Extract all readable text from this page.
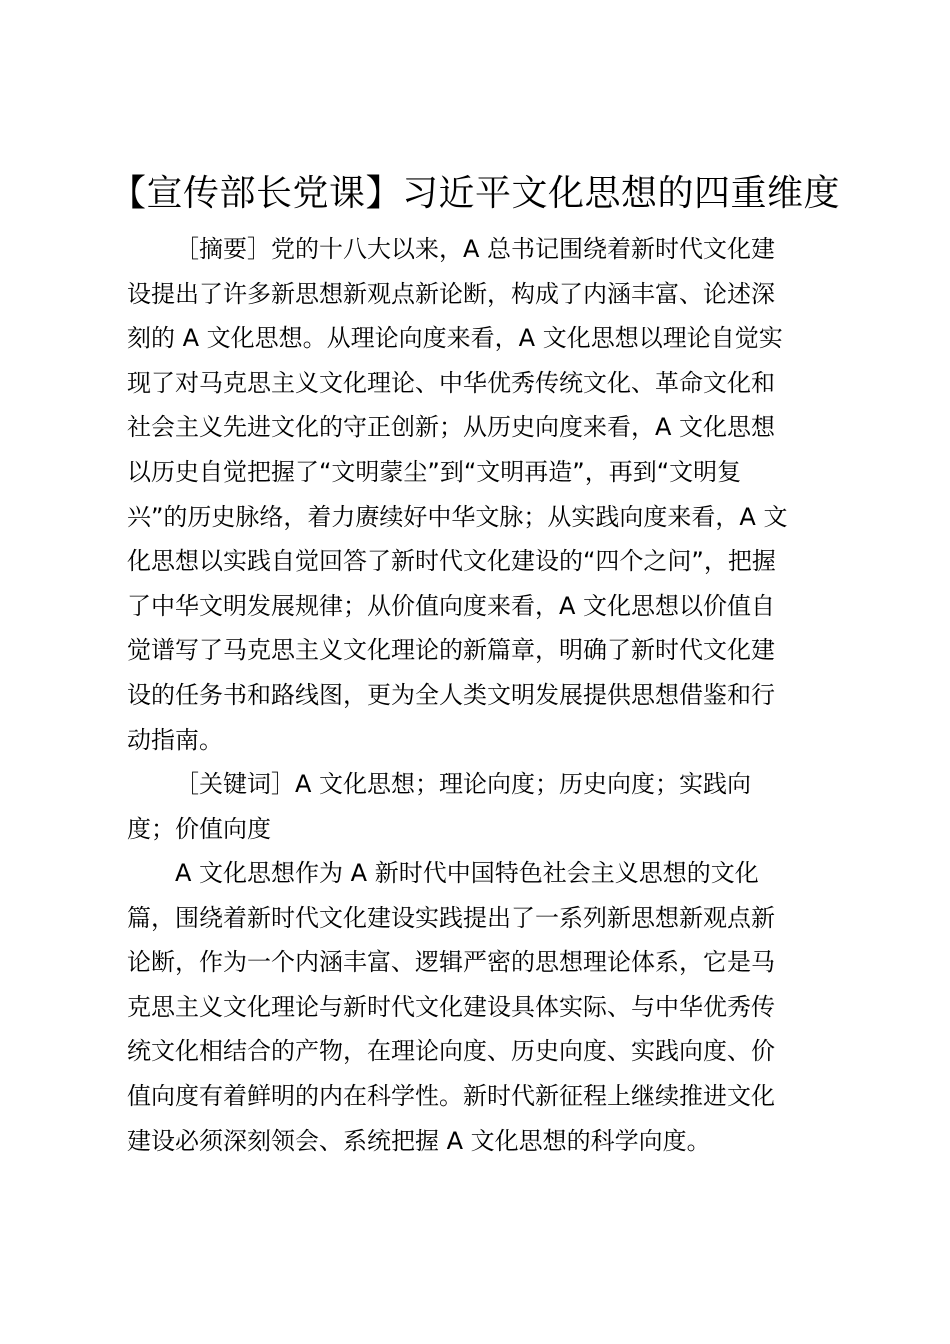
【宣传部长党课】习近平文化思想的四重维度
［摘要］党的十八大以来，A 总书记围绕着新时代文化建
设提出了许多新思想新观点新论断，构成了内涵丰富、论述深
刻的 A 文化思想。从理论向度来看，A 文化思想以理论自觉实
现了对马克思主义文化理论、中华优秀传统文化、革命文化和
社会主义先进文化的守正创新；从历史向度来看，A 文化思想
以历史自觉把握了“文明蒙尘”到“文明再造”，再到“文明复
兴”的历史脉络，着力赓续好中华文脉；从实践向度来看，A 文
化思想以实践自觉回答了新时代文化建设的“四个之问”，把握
了中华文明发展规律；从价值向度来看，A 文化思想以价值自
觉谱写了马克思主义文化理论的新篇章，明确了新时代文化建
设的任务书和路线图，更为全人类文明发展提供思想借鉴和行
动指南。
［关键词］A 文化思想；理论向度；历史向度；实践向
度；价值向度
A 文化思想作为 A 新时代中国特色社会主义思想的文化
篇，围绕着新时代文化建设实践提出了一系列新思想新观点新
论断，作为一个内涵丰富、逻辑严密的思想理论体系，它是马
克思主义文化理论与新时代文化建设具体实际、与中华优秀传
统文化相结合的产物，在理论向度、历史向度、实践向度、价
值向度有着鲜明的内在科学性。新时代新征程上继续推进文化
建设必须深刻领会、系统把握 A 文化思想的科学向度。
